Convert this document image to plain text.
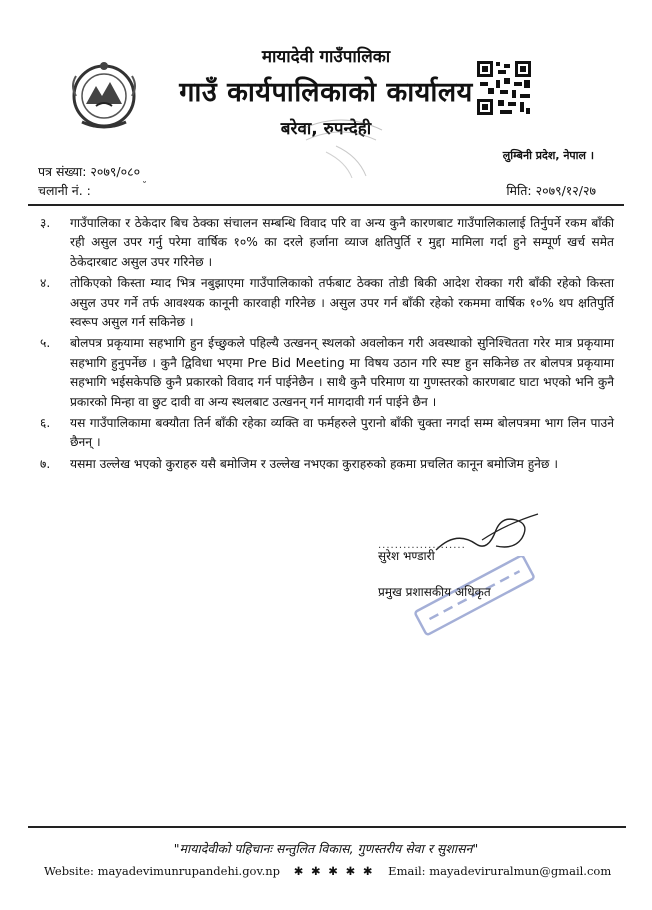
मायादेवी गाउँपालिका
गाउँ कार्यपालिकाको कार्यालय
बरेवा, रुपन्देही
लुम्बिनी प्रदेश, नेपाल ।
पत्र संख्या: २०७९/०८०
चलानी नं. :	˘	मिति: २०७९/१२/२७
३.	गाउँपालिका र ठेकेदार बिच ठेक्का संचालन सम्बन्धि विवाद परि वा अन्य कुनै कारणबाट गाउँपालिकालाई तिर्नुपर्ने रकम बाँकी रही असुल उपर गर्नु परेमा वार्षिक १०% का दरले हर्जाना व्याज क्षतिपुर्ति र मुद्दा मामिला गर्दा हुने सम्पूर्ण खर्च समेत ठेकेदारबाट असुल उपर गरिनेछ ।
४.	तोकिएको किस्ता म्याद भित्र नबुझाएमा गाउँपालिकाको तर्फबाट ठेक्का तोडी बिकी आदेश रोक्का गरी बाँकी रहेको किस्ता असुल उपर गर्ने तर्फ आवश्यक कानूनी कारवाही गरिनेछ । असुल उपर गर्न बाँकी रहेको रकममा वार्षिक १०% थप क्षतिपुर्ति स्वरूप असुल गर्न सकिनेछ ।
५.	बोलपत्र प्रकृयामा सहभागि हुन ईच्छुकले पहिल्यै उत्खनन् स्थलको अवलोकन गरी अवस्थाको सुनिश्चितता गरेर मात्र प्रकृयामा सहभागि हुनुपर्नेछ । कुनै द्विविधा भएमा Pre Bid Meeting मा विषय उठान गरि स्पष्ट हुन सकिनेछ तर बोलपत्र प्रकृयामा सहभागि भईसकेपछि कुनै प्रकारको विवाद गर्न पाईनेछैन । साथै कुनै परिमाण या गुणस्तरको कारणबाट घाटा भएको भनि कुनै प्रकारको मिन्हा वा छुट दावी वा अन्य स्थलबाट उत्खनन् गर्न मागदावी गर्न पाईने छैन ।
६.	यस गाउँपालिकामा बक्यौता तिर्न बाँकी रहेका व्यक्ति वा फर्महरुले पुरानो बाँकी चुक्ता नगर्दा सम्म बोलपत्रमा भाग लिन पाउने छैनन् ।
७.	यसमा उल्लेख भएको कुराहरु यसै बमोजिम र उल्लेख नभएका कुराहरुको हकमा प्रचलित कानून बमोजिम हुनेछ ।
.....................
सुरेश भण्डारी
प्रमुख प्रशासकीय अधिकृत
"मायादेवीको पहिचानः सन्तुलित विकास, गुणस्तरीय सेवा र सुशासन"
Website: mayadevimunrupandehi.gov.np ✱ ✱ ✱ ✱ ✱ Email: mayadeviruralmun@gmail.com
